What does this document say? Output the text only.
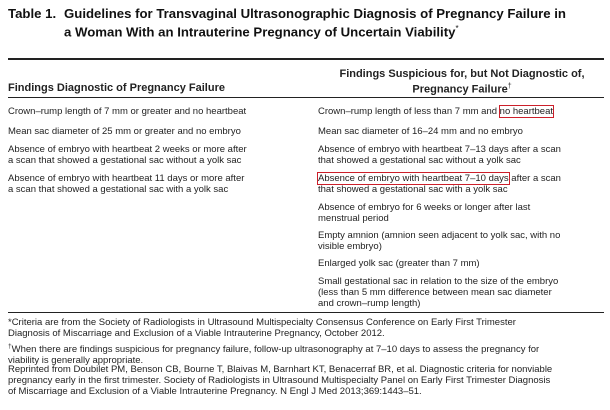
Table 1. Guidelines for Transvaginal Ultrasonographic Diagnosis of Pregnancy Failure in
a Woman With an Intrauterine Pregnancy of Uncertain Viability*
Findings Diagnostic of Pregnancy Failure
Findings Suspicious for, but Not Diagnostic of,
Pregnancy Failure†
Crown–rump length of 7 mm or greater and no heartbeat
Mean sac diameter of 25 mm or greater and no embryo
Absence of embryo with heartbeat 2 weeks or more after
a scan that showed a gestational sac without a yolk sac
Absence of embryo with heartbeat 11 days or more after
a scan that showed a gestational sac with a yolk sac
Crown–rump length of less than 7 mm and no heartbeat
Mean sac diameter of 16–24 mm and no embryo
Absence of embryo with heartbeat 7–13 days after a scan
that showed a gestational sac without a yolk sac
Absence of embryo with heartbeat 7–10 days after a scan
that showed a gestational sac with a yolk sac
Absence of embryo for 6 weeks or longer after last
menstrual period
Empty amnion (amnion seen adjacent to yolk sac, with no
visible embryo)
Enlarged yolk sac (greater than 7 mm)
Small gestational sac in relation to the size of the embryo
(less than 5 mm difference between mean sac diameter
and crown–rump length)
*Criteria are from the Society of Radiologists in Ultrasound Multispecialty Consensus Conference on Early First Trimester
Diagnosis of Miscarriage and Exclusion of a Viable Intrauterine Pregnancy, October 2012.
†When there are findings suspicious for pregnancy failure, follow-up ultrasonography at 7–10 days to assess the pregnancy for
viability is generally appropriate.
Reprinted from Doubilet PM, Benson CB, Bourne T, Blaivas M, Barnhart KT, Benacerraf BR, et al. Diagnostic criteria for nonviable
pregnancy early in the first trimester. Society of Radiologists in Ultrasound Multispecialty Panel on Early First Trimester Diagnosis
of Miscarriage and Exclusion of a Viable Intrauterine Pregnancy. N Engl J Med 2013;369:1443–51.
